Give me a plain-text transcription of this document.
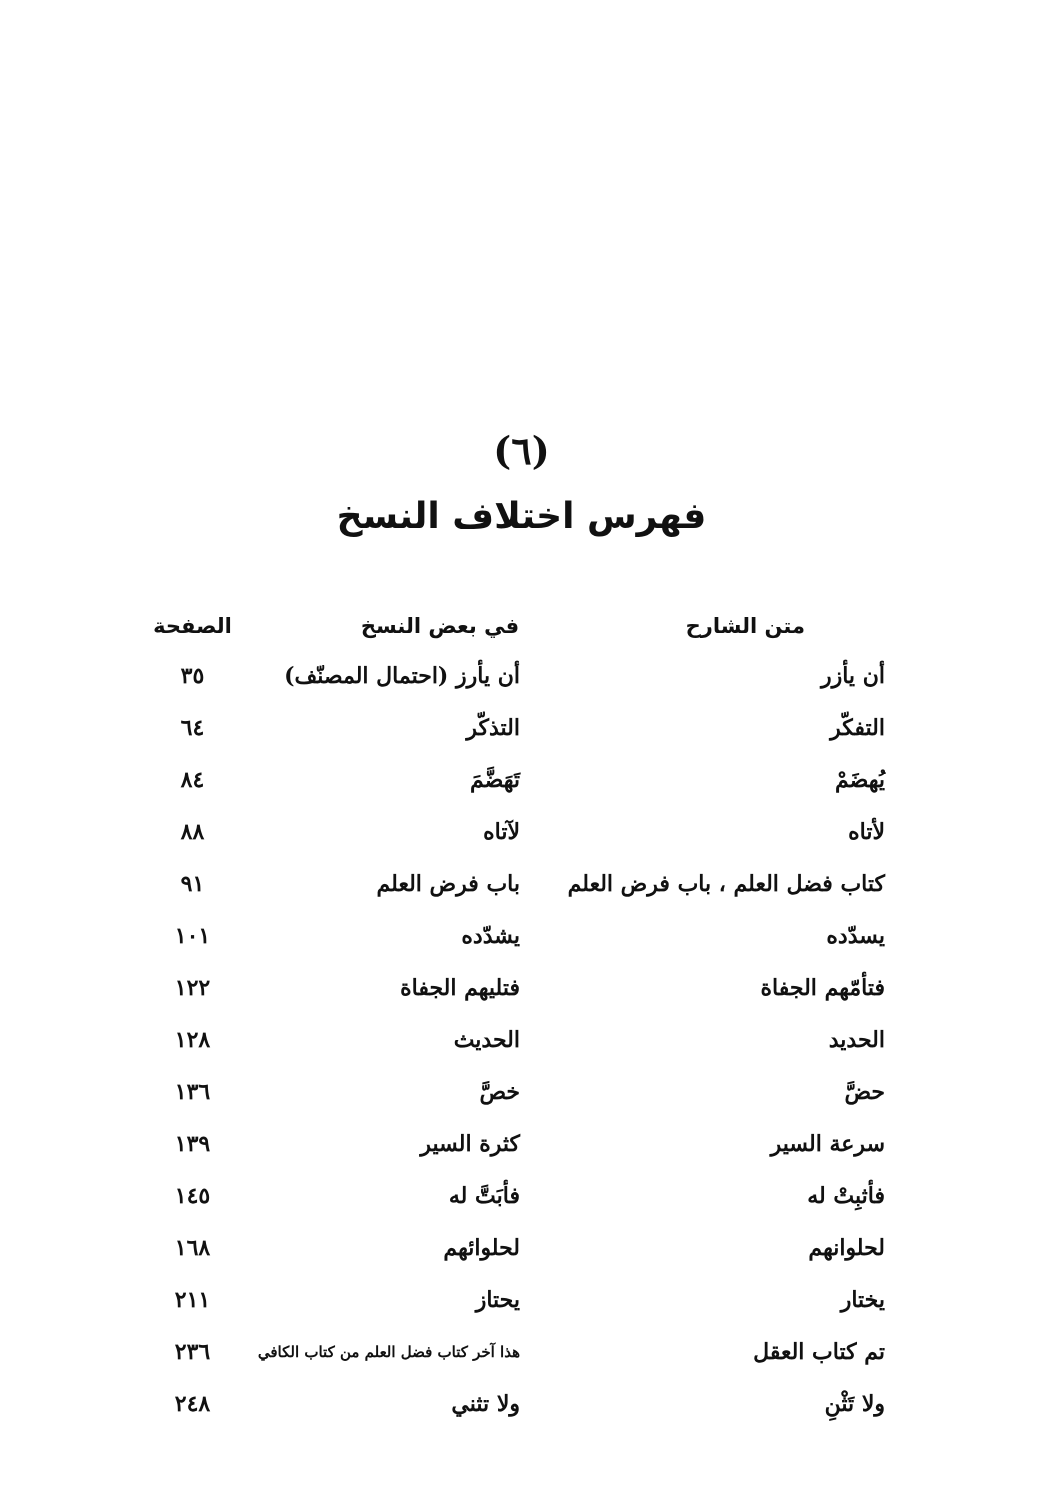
(٦)
فهرس اختلاف النسخ
متن الشارح
في بعض النسخ
الصفحة
أن يأزر
أن يأرز (احتمال المصنّف)
٣٥
التفكّر
التذكّر
٦٤
يُهضَمْ
تَهَضَّمَ
٨٤
لأتاه
لآتاه
٨٨
كتاب فضل العلم ، باب فرض العلم
باب فرض العلم
٩١
يسدّده
يشدّده
١٠١
فتأمّهم الجفاة
فتليهم الجفاة
١٢٢
الحديد
الحديث
١٢٨
حضَّ
خصَّ
١٣٦
سرعة السير
كثرة السير
١٣٩
فأثبِتْ له
فأبَتَّ له
١٤٥
لحلوانهم
لحلوائهم
١٦٨
يختار
يحتاز
٢١١
تم كتاب العقل
هذا آخر كتاب فضل العلم من كتاب الكافي
٢٣٦
ولا تَثْنِ
ولا تثني
٢٤٨
